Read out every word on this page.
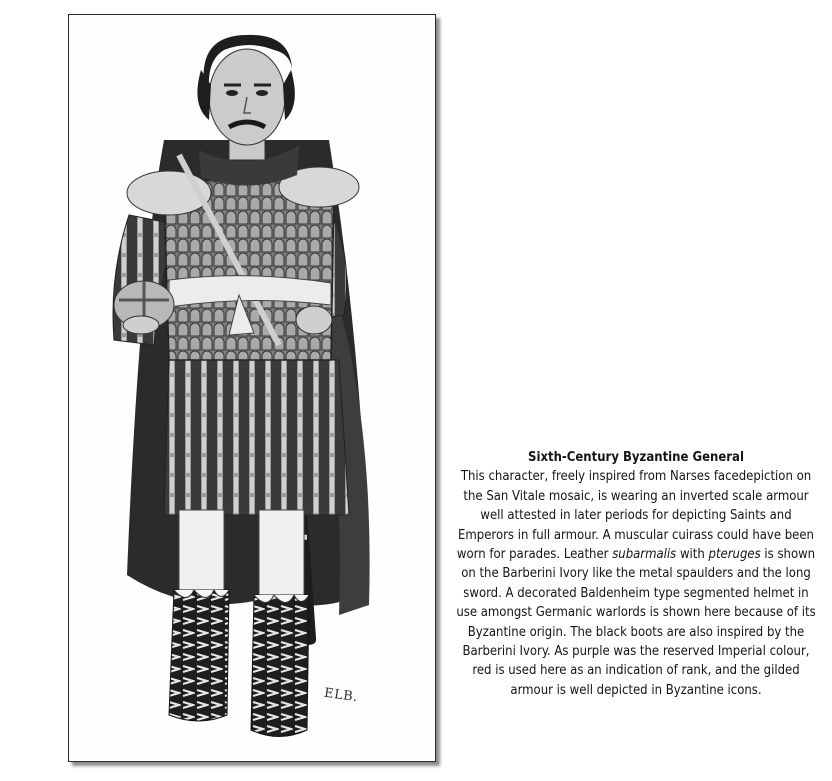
ELB.
Sixth-Century Byzantine General

This character, freely inspired from Narses facedepiction on the San Vitale mosaic, is wearing an inverted scale armour well attested in later periods for depicting Saints and Emperors in full armour. A muscular cuirass could have been worn for parades. Leather subarmalis with pteruges is shown on the Barberini Ivory like the metal spaulders and the long sword. A decorated Baldenheim type segmented helmet in use amongst Germanic warlords is shown here because of its Byzantine origin. The black boots are also inspired by the Barberini Ivory. As purple was the reserved Imperial colour, red is used here as an indication of rank, and the gilded armour is well depicted in Byzantine icons.
